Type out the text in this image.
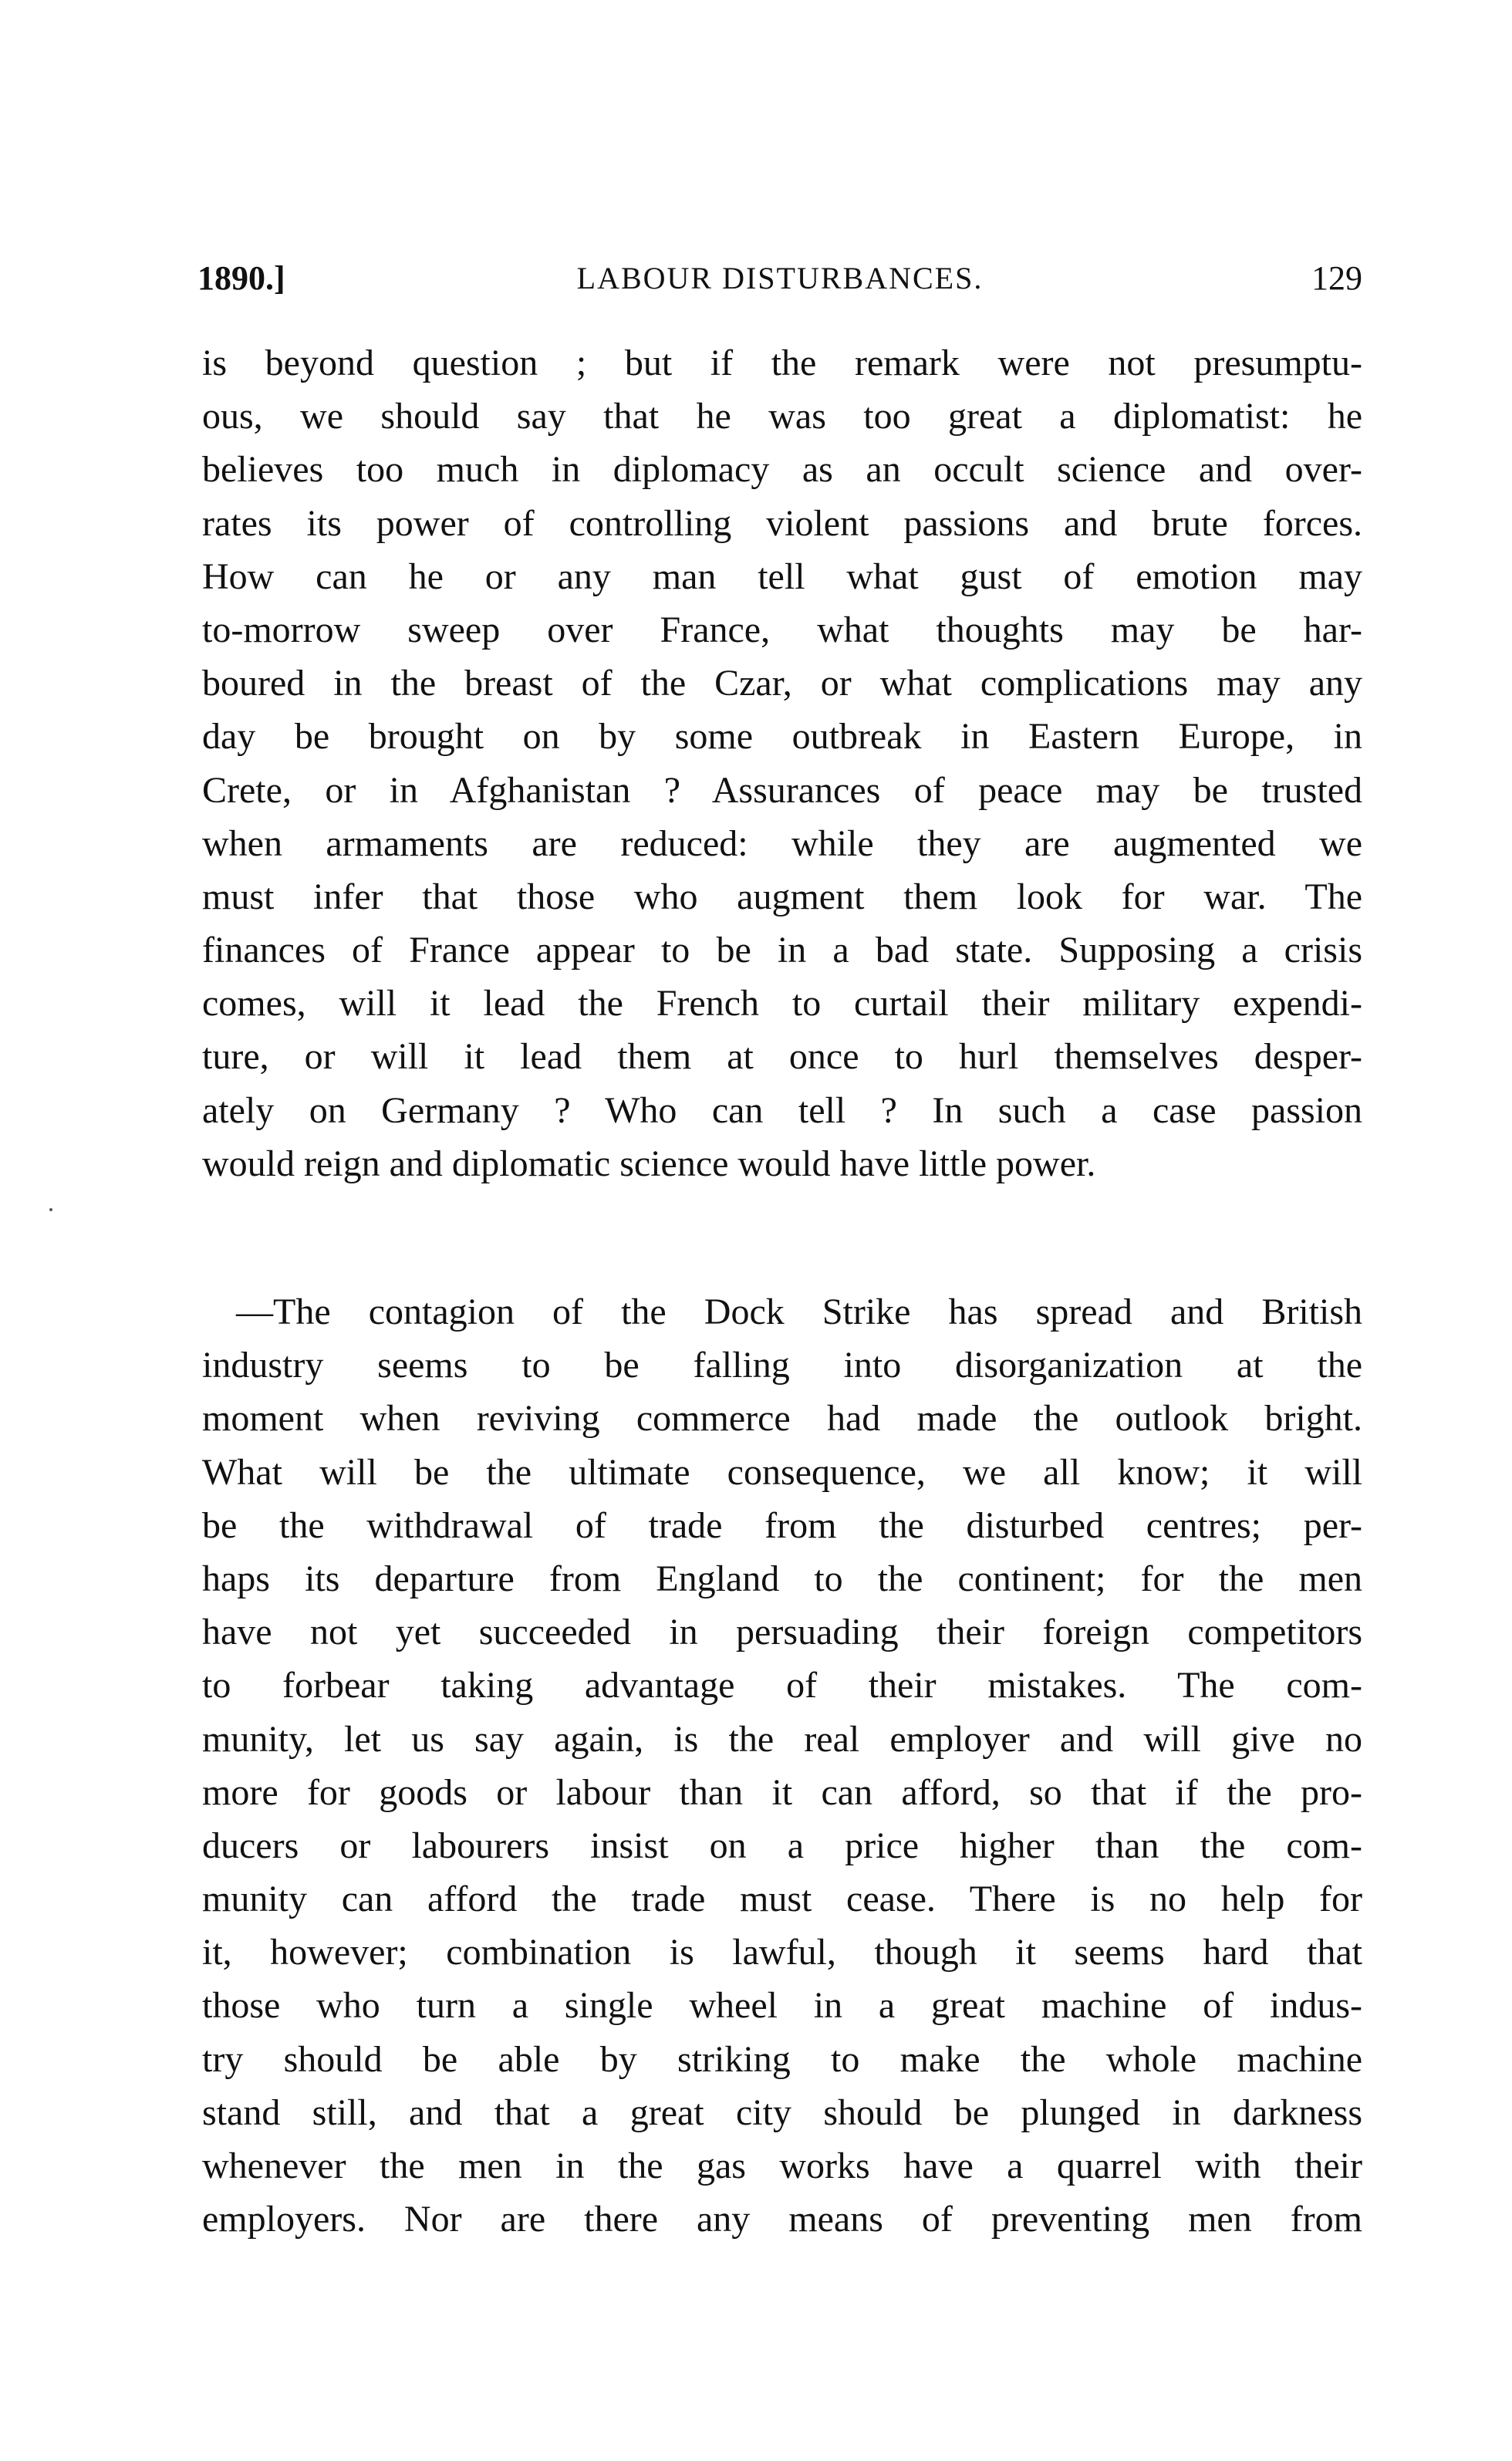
1890.]	LABOUR DISTURBANCES.	129
is beyond question ; but if the remark were not presumptu-
ous, we should say that he was too great a diplomatist: he
believes too much in diplomacy as an occult science and over-
rates its power of controlling violent passions and brute forces.
How can he or any man tell what gust of emotion may
to-morrow sweep over France, what thoughts may be har-
boured in the breast of the Czar, or what complications may any
day be brought on by some outbreak in Eastern Europe, in
Crete, or in Afghanistan ? Assurances of peace may be trusted
when armaments are reduced: while they are augmented we
must infer that those who augment them look for war. The
finances of France appear to be in a bad state. Supposing a crisis
comes, will it lead the French to curtail their military expendi-
ture, or will it lead them at once to hurl themselves desper-
ately on Germany ? Who can tell ? In such a case passion
would reign and diplomatic science would have little power.
—The contagion of the Dock Strike has spread and British
industry seems to be falling into disorganization at the
moment when reviving commerce had made the outlook bright.
What will be the ultimate consequence, we all know; it will
be the withdrawal of trade from the disturbed centres; per-
haps its departure from England to the continent; for the men
have not yet succeeded in persuading their foreign competitors
to forbear taking advantage of their mistakes. The com-
munity, let us say again, is the real employer and will give no
more for goods or labour than it can afford, so that if the pro-
ducers or labourers insist on a price higher than the com-
munity can afford the trade must cease. There is no help for
it, however; combination is lawful, though it seems hard that
those who turn a single wheel in a great machine of indus-
try should be able by striking to make the whole machine
stand still, and that a great city should be plunged in darkness
whenever the men in the gas works have a quarrel with their
employers. Nor are there any means of preventing men from
